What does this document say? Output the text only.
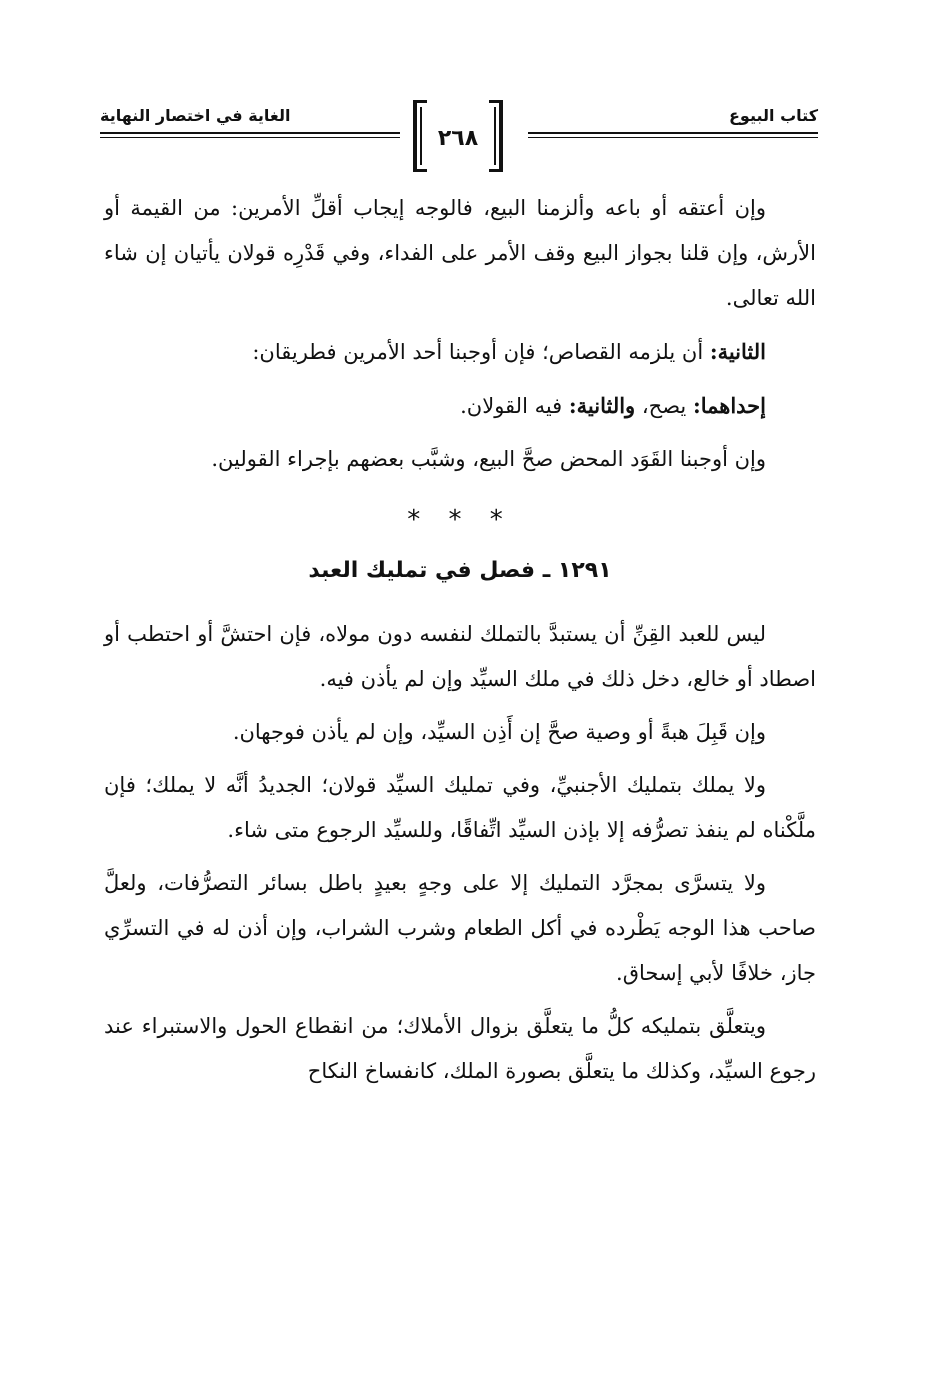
كتاب البيوع
الغاية في اختصار النهاية
٢٦٨

وإن أعتقه أو باعه وألزمنا البيع، فالوجه إيجاب أقلِّ الأمرين: من القيمة أو الأرش، وإن قلنا بجواز البيع وقف الأمر على الفداء، وفي قَدْرِه قولان يأتيان إن شاء الله تعالى.

الثانية: أن يلزمه القصاص؛ فإن أوجبنا أحد الأمرين فطريقان:

إحداهما: يصح، والثانية: فيه القولان.

وإن أوجبنا القَوَد المحض صحَّ البيع، وشبَّب بعضهم بإجراء القولين.

* * *
١٢٩١ ـ فصل في تمليك العبد

ليس للعبد القِنِّ أن يستبدَّ بالتملك لنفسه دون مولاه، فإن احتشَّ أو احتطب أو اصطاد أو خالع، دخل ذلك في ملك السيِّد وإن لم يأذن فيه.

وإن قَبِلَ هبةً أو وصية صحَّ إن أَذِن السيِّد، وإن لم يأذن فوجهان.

ولا يملك بتمليك الأجنبيِّ، وفي تمليك السيِّد قولان؛ الجديدُ أنَّه لا يملك؛ فإن ملَّكْناه لم ينفذ تصرُّفه إلا بإذن السيِّد اتِّفاقًا، وللسيِّد الرجوع متى شاء.

ولا يتسرَّى بمجرَّد التمليك إلا على وجهٍ بعيدٍ باطل بسائر التصرُّفات، ولعلَّ صاحب هذا الوجه يَطْرده في أكل الطعام وشرب الشراب، وإن أذن له في التسرِّي جاز، خلافًا لأبي إسحاق.

ويتعلَّق بتمليكه كلُّ ما يتعلَّق بزوال الأملاك؛ من انقطاع الحول والاستبراء عند رجوع السيِّد، وكذلك ما يتعلَّق بصورة الملك، كانفساخ النكاح
